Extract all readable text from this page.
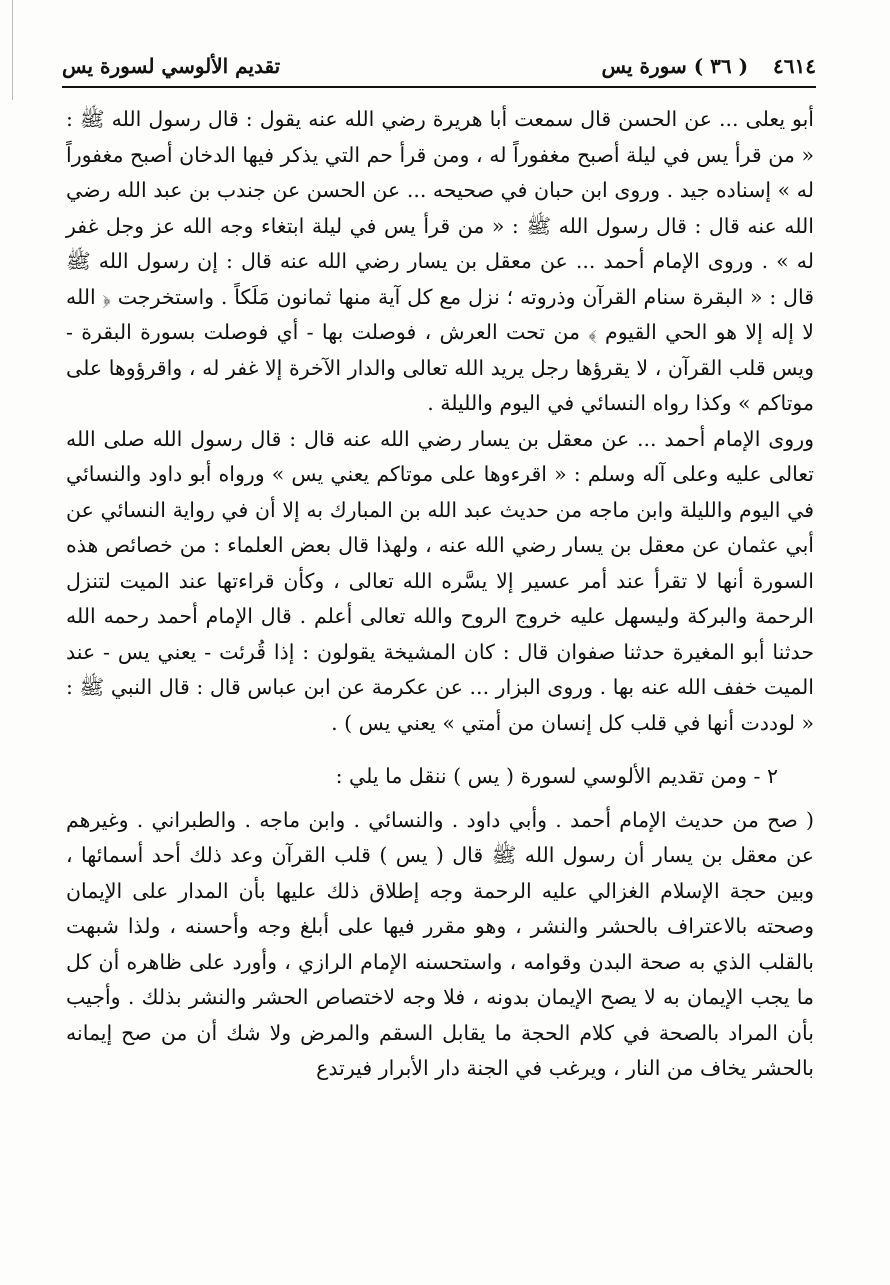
٤٦١٤ ( ٣٦ ) سورة يس
تقديم الألوسي لسورة يس

أبو يعلى ... عن الحسن قال سمعت أبا هريرة رضي الله عنه يقول : قال رسول الله ﷺ : « من قرأ يس في ليلة أصبح مغفوراً له ، ومن قرأ حم التي يذكر فيها الدخان أصبح مغفوراً له » إسناده جيد . وروى ابن حبان في صحيحه ... عن الحسن عن جندب بن عبد الله رضي الله عنه قال : قال رسول الله ﷺ : « من قرأ يس في ليلة ابتغاء وجه الله عز وجل غفر له » . وروى الإمام أحمد ... عن معقل بن يسار رضي الله عنه قال : إن رسول الله ﷺ قال : « البقرة سنام القرآن وذروته ؛ نزل مع كل آية منها ثمانون مَلَكاً . واستخرجت ﴿ الله لا إله إلا هو الحي القيوم ﴾ من تحت العرش ، فوصلت بها - أي فوصلت بسورة البقرة - ويس قلب القرآن ، لا يقرؤها رجل يريد الله تعالى والدار الآخرة إلا غفر له ، واقرؤوها على موتاكم » وكذا رواه النسائي في اليوم والليلة .

وروى الإمام أحمد ... عن معقل بن يسار رضي الله عنه قال : قال رسول الله صلى الله تعالى عليه وعلى آله وسلم : « اقرءوها على موتاكم يعني يس » ورواه أبو داود والنسائي في اليوم والليلة وابن ماجه من حديث عبد الله بن المبارك به إلا أن في رواية النسائي عن أبي عثمان عن معقل بن يسار رضي الله عنه ، ولهذا قال بعض العلماء : من خصائص هذه السورة أنها لا تقرأ عند أمر عسير إلا يسَّره الله تعالى ، وكأن قراءتها عند الميت لتنزل الرحمة والبركة وليسهل عليه خروج الروح والله تعالى أعلم . قال الإمام أحمد رحمه الله حدثنا أبو المغيرة حدثنا صفوان قال : كان المشيخة يقولون : إذا قُرئت - يعني يس - عند الميت خفف الله عنه بها . وروى البزار ... عن عكرمة عن ابن عباس قال : قال النبي ﷺ : « لوددت أنها في قلب كل إنسان من أمتي » يعني يس ) .

٢ - ومن تقديم الألوسي لسورة ( يس ) ننقل ما يلي :

( صح من حديث الإمام أحمد . وأبي داود . والنسائي . وابن ماجه . والطبراني . وغيرهم عن معقل بن يسار أن رسول الله ﷺ قال ( يس ) قلب القرآن وعد ذلك أحد أسمائها ، وبين حجة الإسلام الغزالي عليه الرحمة وجه إطلاق ذلك عليها بأن المدار على الإيمان وصحته بالاعتراف بالحشر والنشر ، وهو مقرر فيها على أبلغ وجه وأحسنه ، ولذا شبهت بالقلب الذي به صحة البدن وقوامه ، واستحسنه الإمام الرازي ، وأورد على ظاهره أن كل ما يجب الإيمان به لا يصح الإيمان بدونه ، فلا وجه لاختصاص الحشر والنشر بذلك . وأجيب بأن المراد بالصحة في كلام الحجة ما يقابل السقم والمرض ولا شك أن من صح إيمانه بالحشر يخاف من النار ، ويرغب في الجنة دار الأبرار فيرتدع
